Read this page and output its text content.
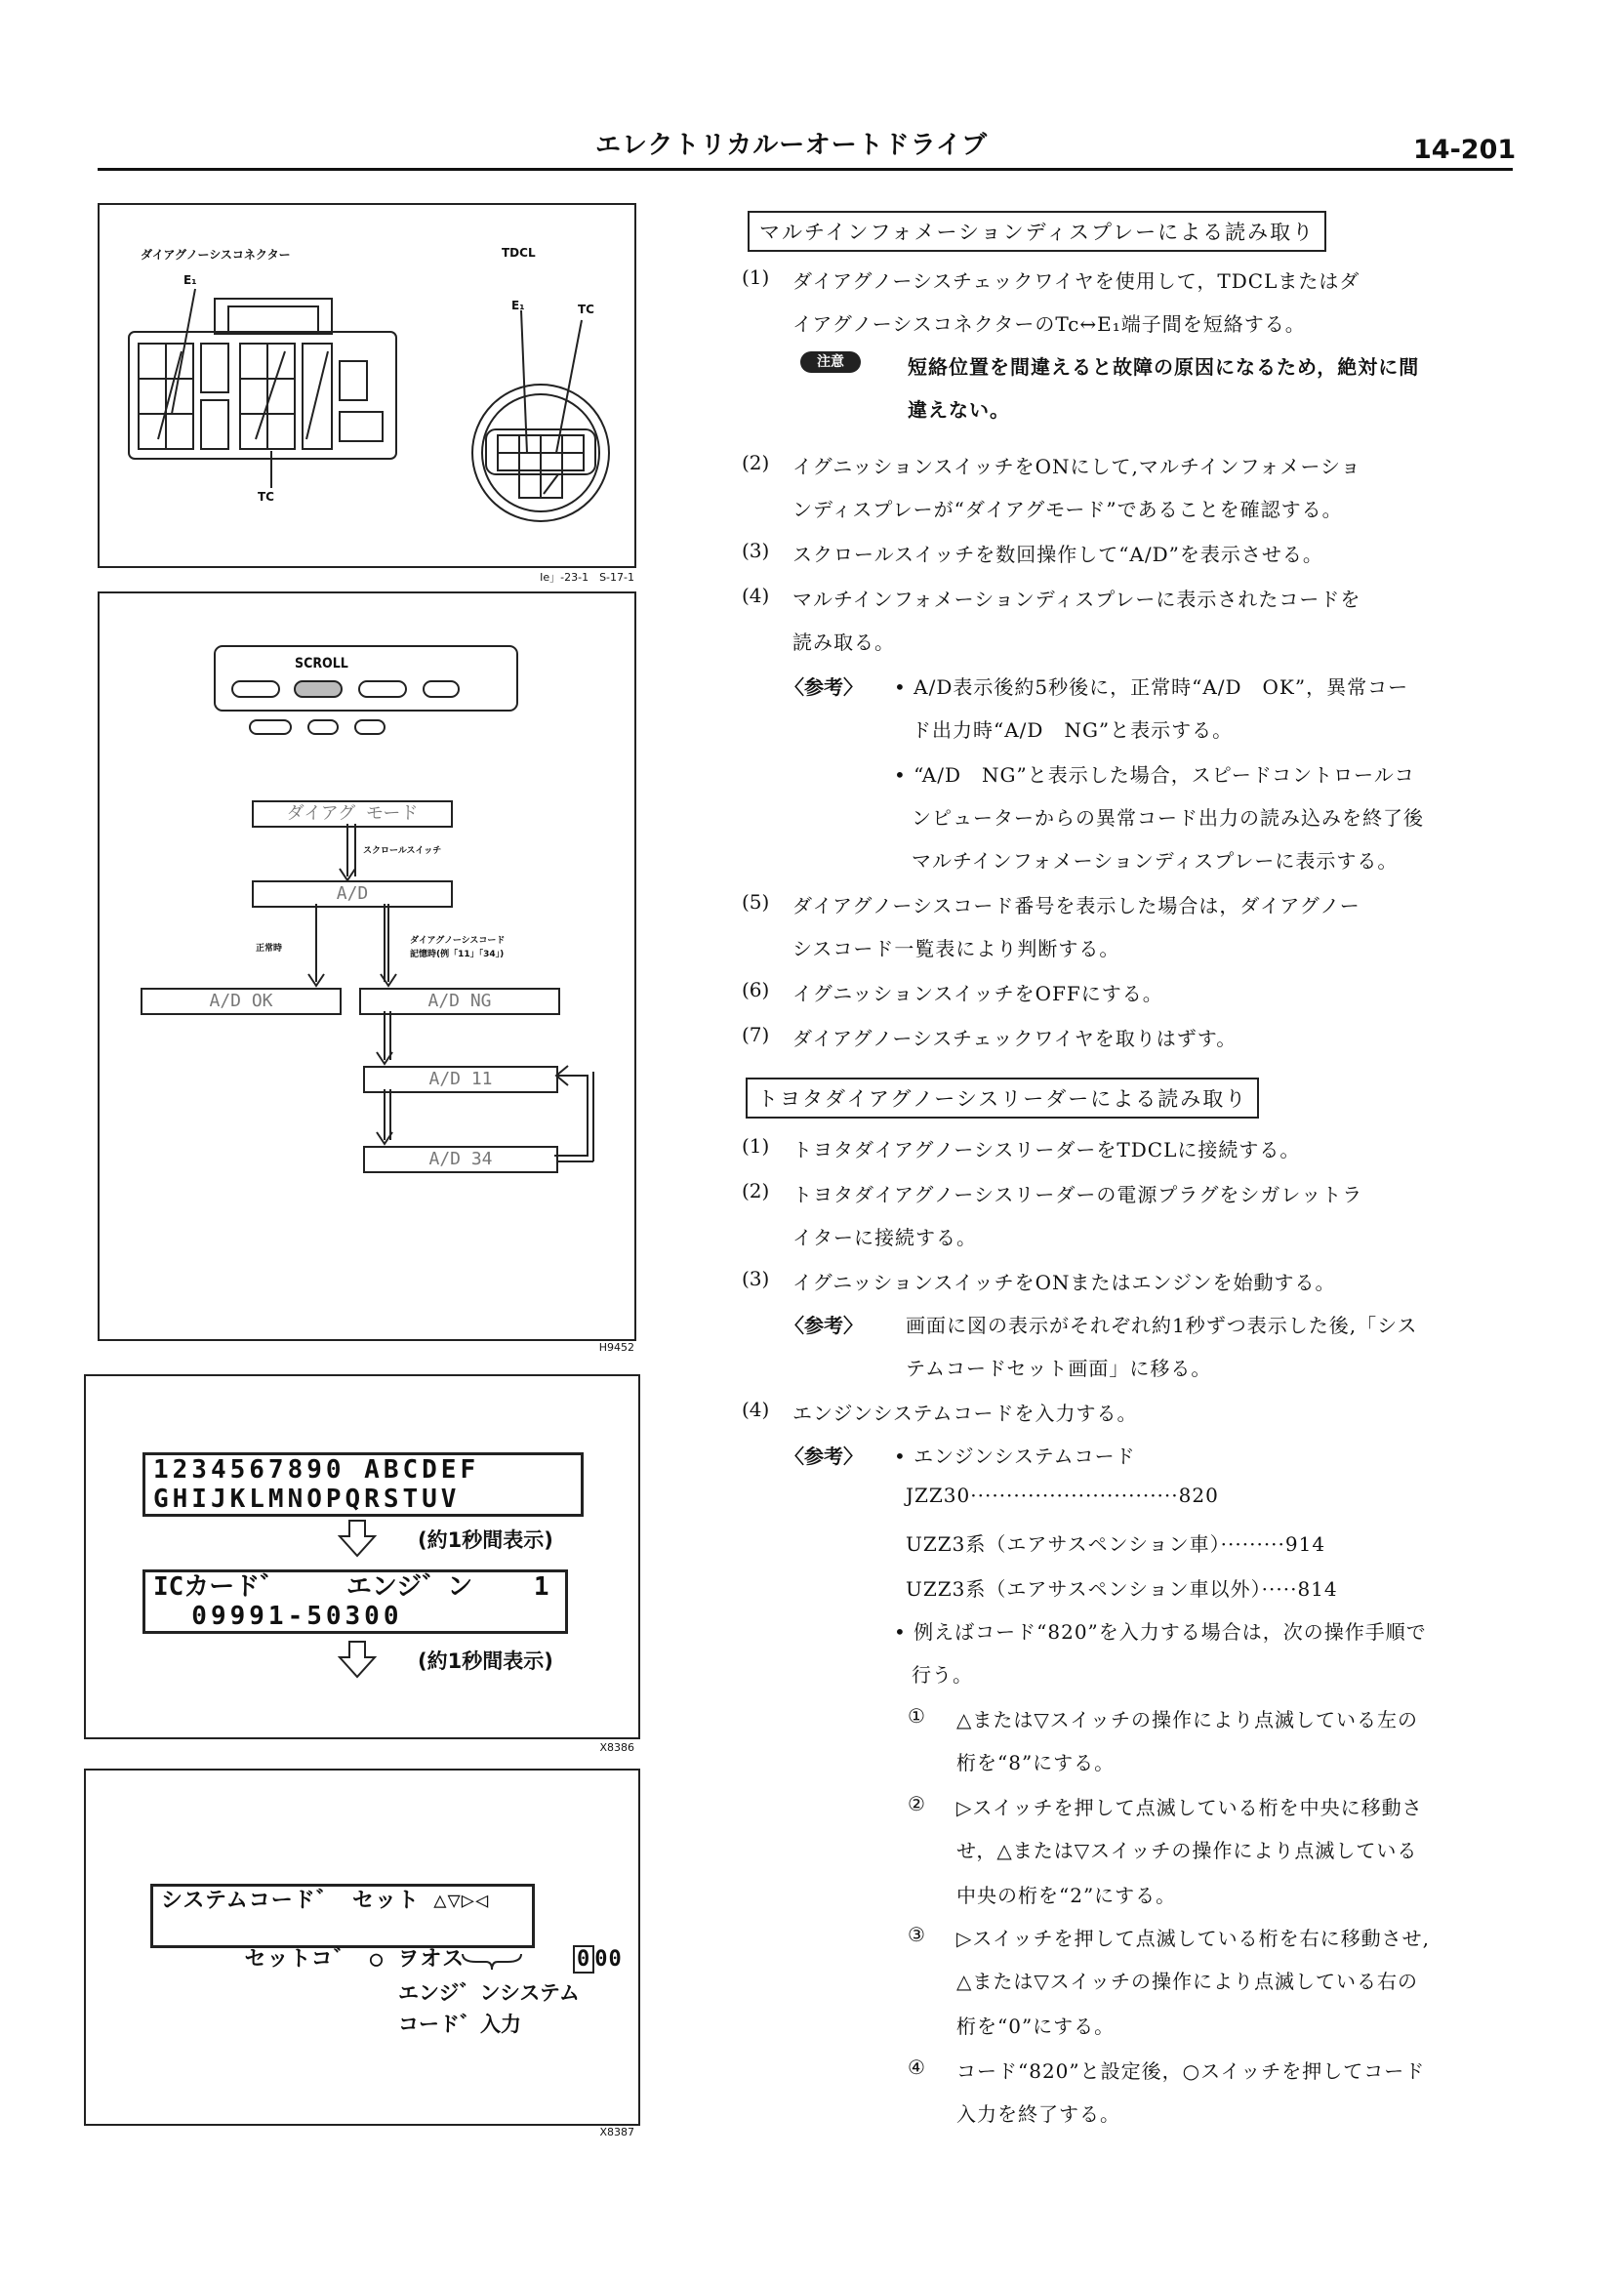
エレクトリカルーオートドライブ	14-201
ダイアグノーシスコネクター	TDCL
E₁
TC
E₁	TC
Ie」-23-1　S-17-1
SCROLL
ダイアグ モード
スクロールスイッチ
A/D
正常時
ダイアグノーシスコード
記憶時(例「11」「34」)
A/D OK	A/D NG
A/D 11
A/D 34
H9452
1234567890 ABCDEF
GHIJKLMNOPQRSTUV
(約1秒間表示)
ICカード゛    エンジ゛ン    1
09991-50300
(約1秒間表示)
X8386
システムコード゛ セット △▽▷◁

セットコ゛ ○ ヲオス
	0 00

エンジ゛ンシステム
コード゛入力
X8387
マルチインフォメーションディスプレーによる読み取り
(1) ダイアグノーシスチェックワイヤを使用して，TDCLまたはダ
イアグノーシスコネクターのTc↔E₁端子間を短絡する。
注意	短絡位置を間違えると故障の原因になるため，絶対に間
違えない。
(2) イグニッションスイッチをONにして,マルチインフォメーショ
ンディスプレーが“ダイアグモード”であることを確認する。
(3) スクロールスイッチを数回操作して“A/D”を表示させる。
(4) マルチインフォメーションディスプレーに表示されたコードを
読み取る。
〈参考〉 • A/D表示後約5秒後に，正常時“A/D　OK”，異常コー
ド出力時“A/D　NG”と表示する。
• “A/D　NG”と表示した場合，スピードコントロールコ
ンピューターからの異常コード出力の読み込みを終了後
マルチインフォメーションディスプレーに表示する。
(5) ダイアグノーシスコード番号を表示した場合は，ダイアグノー
シスコード一覧表により判断する。
(6) イグニッションスイッチをOFFにする。
(7) ダイアグノーシスチェックワイヤを取りはずす。
トヨタダイアグノーシスリーダーによる読み取り
(1) トヨタダイアグノーシスリーダーをTDCLに接続する。
(2) トヨタダイアグノーシスリーダーの電源プラグをシガレットラ
イターに接続する。
(3) イグニッションスイッチをONまたはエンジンを始動する。
〈参考〉 画面に図の表示がそれぞれ約1秒ずつ表示した後,「シス
テムコードセット画面」に移る。
(4) エンジンシステムコードを入力する。
〈参考〉 • エンジンシステムコード
JZZ30·····························820
UZZ3系（エアサスペンション車）·········914
UZZ3系（エアサスペンション車以外）·····814
• 例えばコード“820”を入力する場合は，次の操作手順で
行う。
① △または▽スイッチの操作により点滅している左の
桁を“8”にする。
② ▷スイッチを押して点滅している桁を中央に移動さ
せ，△または▽スイッチの操作により点滅している
中央の桁を“2”にする。
③ ▷スイッチを押して点滅している桁を右に移動させ,
△または▽スイッチの操作により点滅している右の
桁を“0”にする。
④ コード“820”と設定後，○スイッチを押してコード
入力を終了する。
